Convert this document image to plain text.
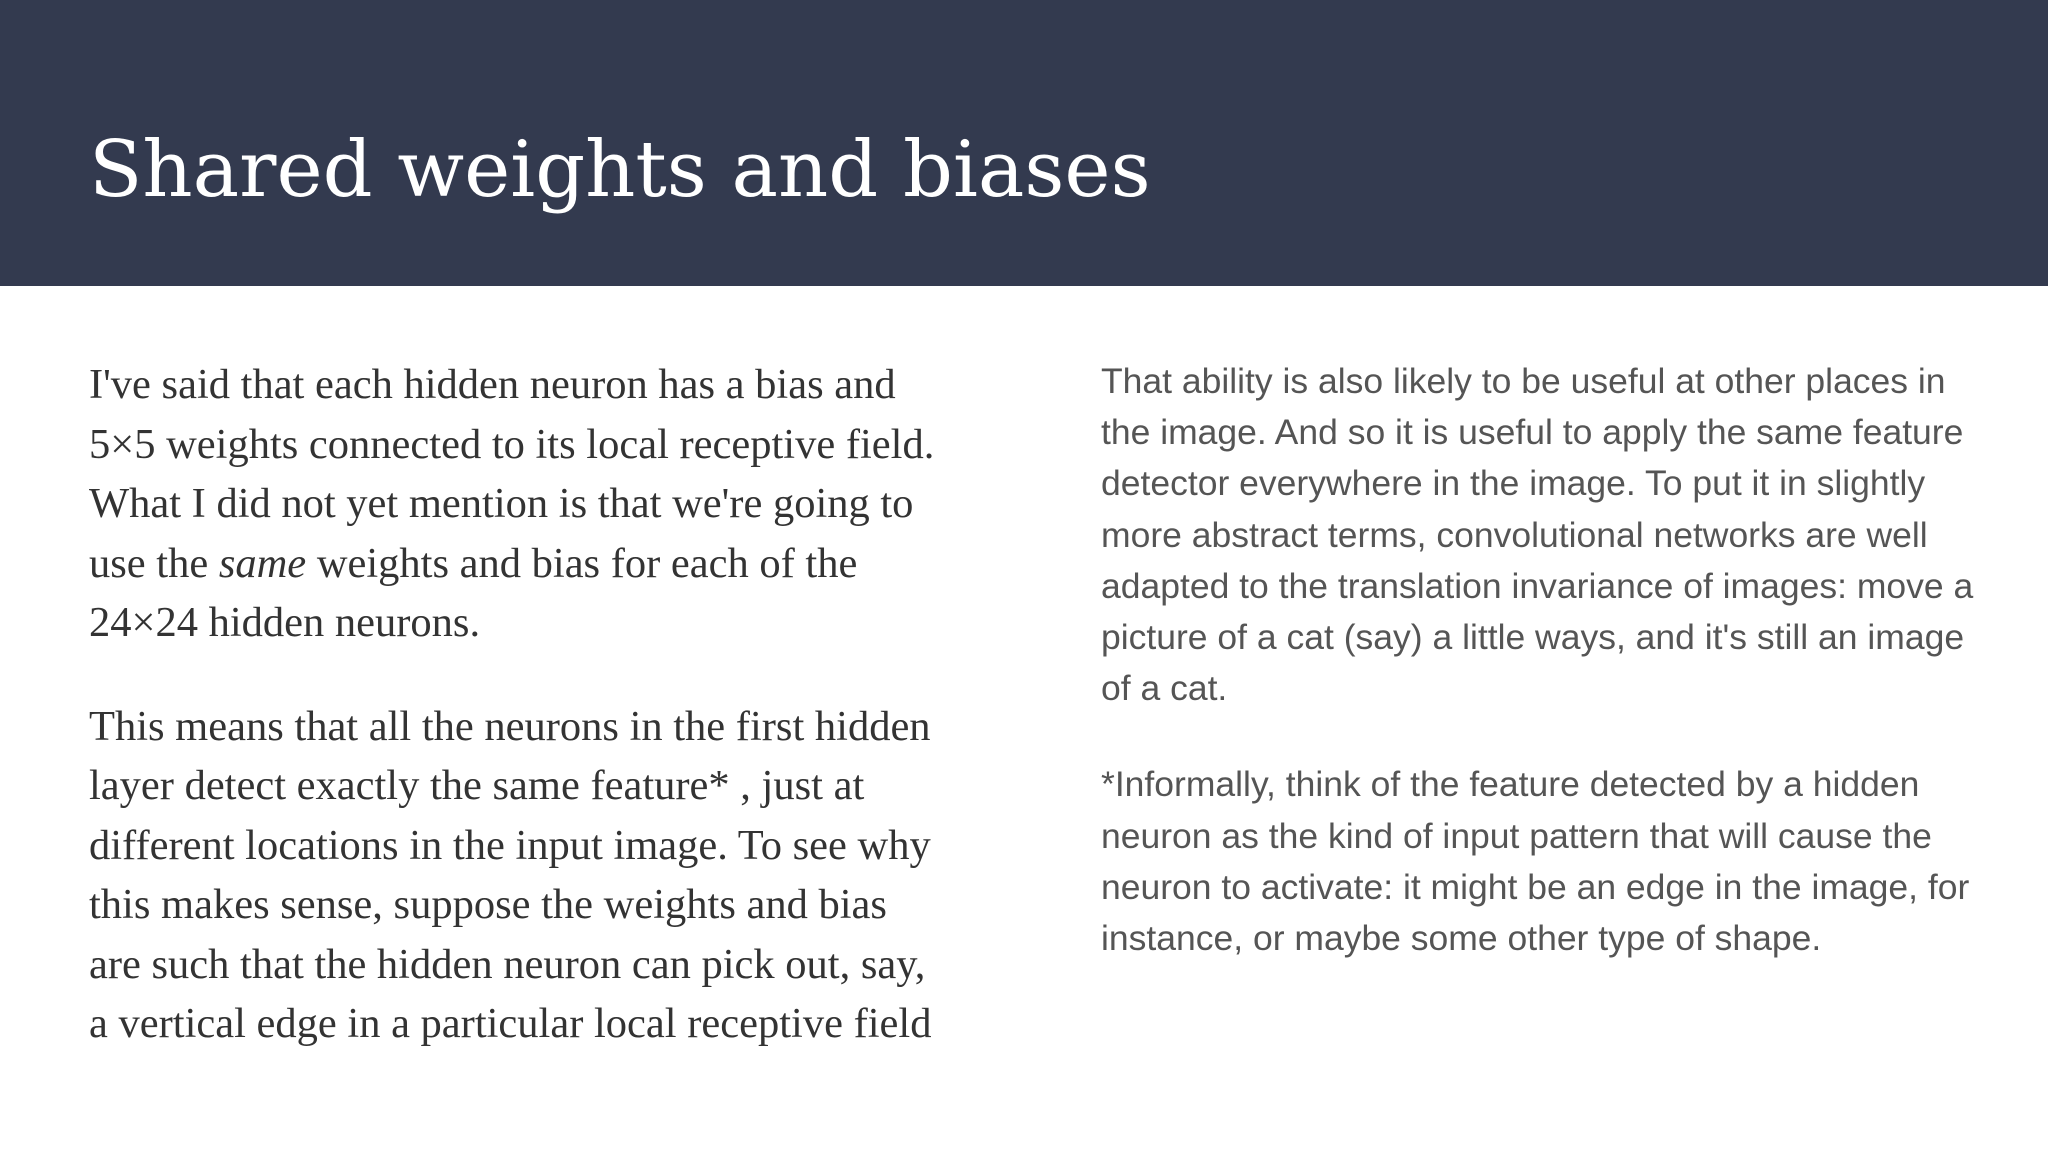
Shared weights and biases

I've said that each hidden neuron has a bias and 5×5 weights connected to its local receptive field. What I did not yet mention is that we're going to use the same weights and bias for each of the 24×24 hidden neurons.

This means that all the neurons in the first hidden layer detect exactly the same feature* , just at different locations in the input image. To see why this makes sense, suppose the weights and bias are such that the hidden neuron can pick out, say, a vertical edge in a particular local receptive field

That ability is also likely to be useful at other places in the image. And so it is useful to apply the same feature detector everywhere in the image. To put it in slightly more abstract terms, convolutional networks are well adapted to the translation invariance of images: move a picture of a cat (say) a little ways, and it's still an image of a cat.

*Informally, think of the feature detected by a hidden neuron as the kind of input pattern that will cause the neuron to activate: it might be an edge in the image, for instance, or maybe some other type of shape.
